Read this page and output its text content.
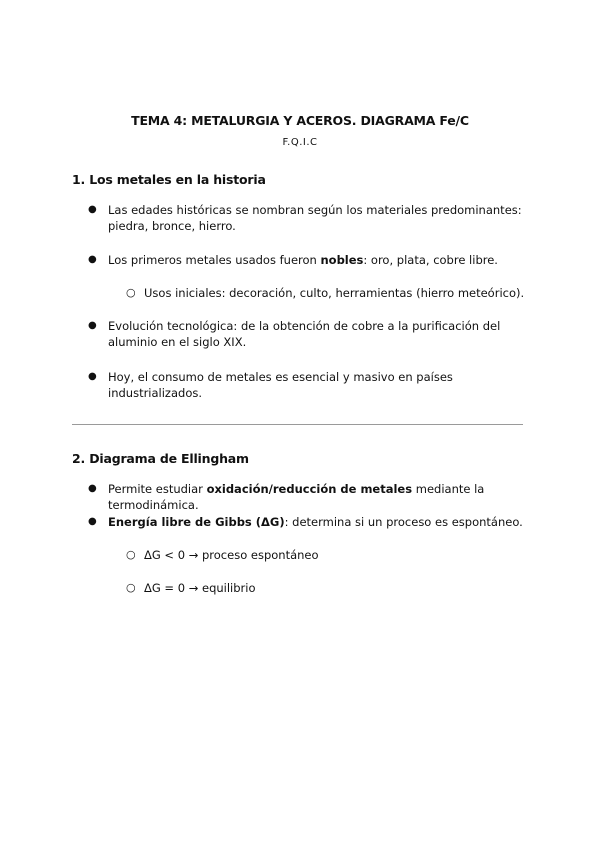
TEMA 4: METALURGIA Y ACEROS. DIAGRAMA Fe/C
F.Q.I.C
1. Los metales en la historia
● Las edades históricas se nombran según los materiales predominantes: piedra, bronce, hierro.
● Los primeros metales usados fueron nobles: oro, plata, cobre libre.
○ Usos iniciales: decoración, culto, herramientas (hierro meteórico).
● Evolución tecnológica: de la obtención de cobre a la purificación del aluminio en el siglo XIX.
● Hoy, el consumo de metales es esencial y masivo en países industrializados.
2. Diagrama de Ellingham
● Permite estudiar oxidación/reducción de metales mediante la termodinámica.
● Energía libre de Gibbs (ΔG): determina si un proceso es espontáneo.
○ ΔG < 0 → proceso espontáneo
○ ΔG = 0 → equilibrio
